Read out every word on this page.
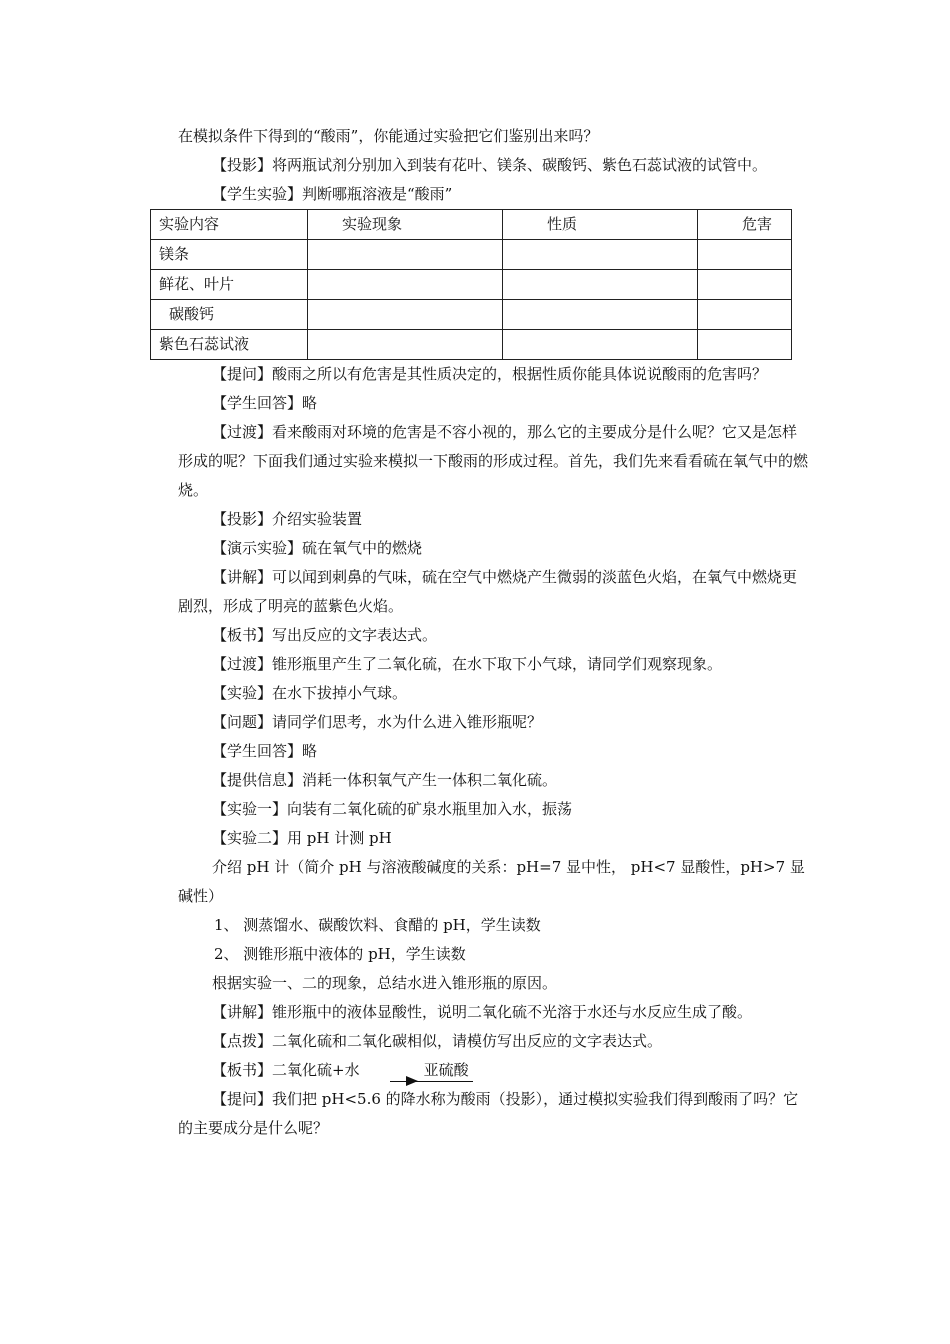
在模拟条件下得到的“酸雨”，你能通过实验把它们鉴别出来吗？

【投影】将两瓶试剂分别加入到装有花叶、镁条、碳酸钙、紫色石蕊试液的试管中。

【学生实验】判断哪瓶溶液是“酸雨”

实验内容	实验现象	性质	危害
镁条			
鲜花、叶片			
碳酸钙			
紫色石蕊试液			

【提问】酸雨之所以有危害是其性质决定的，根据性质你能具体说说酸雨的危害吗？

【学生回答】略

【过渡】看来酸雨对环境的危害是不容小视的，那么它的主要成分是什么呢？它又是怎样形成的呢？下面我们通过实验来模拟一下酸雨的形成过程。首先，我们先来看看硫在氧气中的燃烧。

【投影】介绍实验装置

【演示实验】硫在氧气中的燃烧

【讲解】可以闻到刺鼻的气味，硫在空气中燃烧产生微弱的淡蓝色火焰，在氧气中燃烧更剧烈，形成了明亮的蓝紫色火焰。

【板书】写出反应的文字表达式。

【过渡】锥形瓶里产生了二氧化硫，在水下取下小气球，请同学们观察现象。

【实验】在水下拔掉小气球。

【问题】请同学们思考，水为什么进入锥形瓶呢？

【学生回答】略

【提供信息】消耗一体积氧气产生一体积二氧化硫。

【实验一】向装有二氧化硫的矿泉水瓶里加入水，振荡

【实验二】用 pH 计测 pH

介绍 pH 计（简介 pH 与溶液酸碱度的关系：pH=7 显中性， pH<7 显酸性，pH>7 显碱性）

1、 测蒸馏水、碳酸饮料、食醋的 pH，学生读数

2、 测锥形瓶中液体的 pH，学生读数

根据实验一、二的现象，总结水进入锥形瓶的原因。

【讲解】锥形瓶中的液体显酸性，说明二氧化硫不光溶于水还与水反应生成了酸。

【点拨】二氧化硫和二氧化碳相似，请模仿写出反应的文字表达式。

【板书】二氧化硫+水	亚硫酸

【提问】我们把 pH<5.6 的降水称为酸雨（投影），通过模拟实验我们得到酸雨了吗？它的主要成分是什么呢？
